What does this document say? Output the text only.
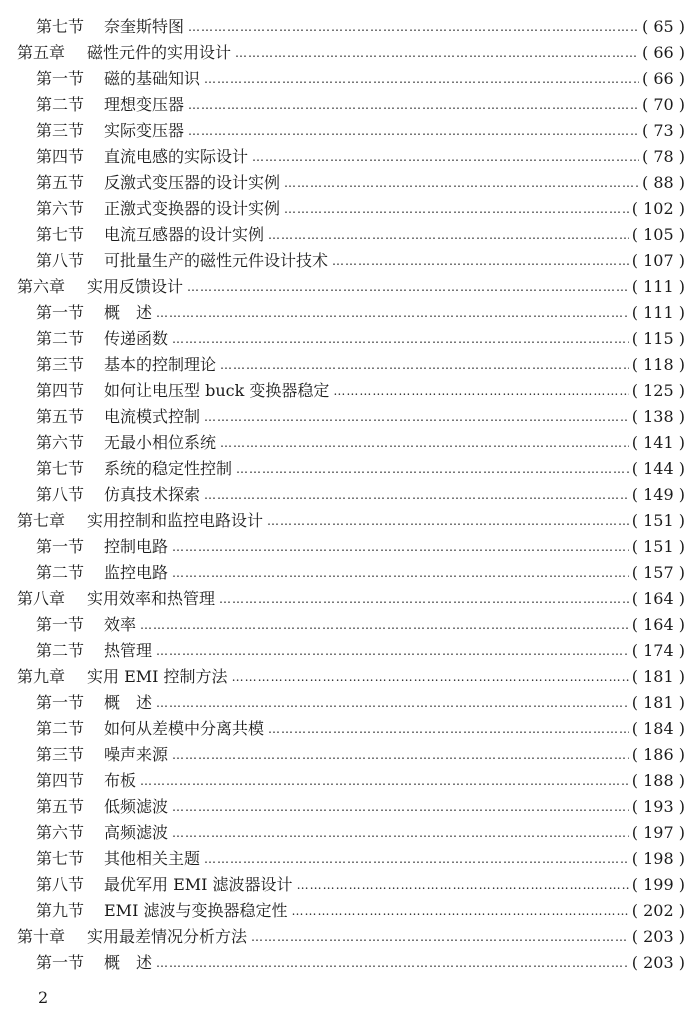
第七节	奈奎斯特图 ………………………………………………………………………………………………………………………………………………………………	( 65 )
第五章	磁性元件的实用设计 ………………………………………………………………………………………………………………………………………………………………	( 66 )
第一节	磁的基础知识 ………………………………………………………………………………………………………………………………………………………………	( 66 )
第二节	理想变压器 ………………………………………………………………………………………………………………………………………………………………	( 70 )
第三节	实际变压器 ………………………………………………………………………………………………………………………………………………………………	( 73 )
第四节	直流电感的实际设计 ………………………………………………………………………………………………………………………………………………………………	( 78 )
第五节	反激式变压器的设计实例 ………………………………………………………………………………………………………………………………………………………………	( 88 )
第六节	正激式变换器的设计实例 ………………………………………………………………………………………………………………………………………………………………	( 102 )
第七节	电流互感器的设计实例 ………………………………………………………………………………………………………………………………………………………………	( 105 )
第八节	可批量生产的磁性元件设计技术 ………………………………………………………………………………………………………………………………………………………………	( 107 )
第六章	实用反馈设计 ………………………………………………………………………………………………………………………………………………………………	( 111 )
第一节	概　述 ………………………………………………………………………………………………………………………………………………………………	( 111 )
第二节	传递函数 ………………………………………………………………………………………………………………………………………………………………	( 115 )
第三节	基本的控制理论 ………………………………………………………………………………………………………………………………………………………………	( 118 )
第四节	如何让电压型 buck 变换器稳定 ………………………………………………………………………………………………………………………………………………………………	( 125 )
第五节	电流模式控制 ………………………………………………………………………………………………………………………………………………………………	( 138 )
第六节	无最小相位系统 ………………………………………………………………………………………………………………………………………………………………	( 141 )
第七节	系统的稳定性控制 ………………………………………………………………………………………………………………………………………………………………	( 144 )
第八节	仿真技术探索 ………………………………………………………………………………………………………………………………………………………………	( 149 )
第七章	实用控制和监控电路设计 ………………………………………………………………………………………………………………………………………………………………	( 151 )
第一节	控制电路 ………………………………………………………………………………………………………………………………………………………………	( 151 )
第二节	监控电路 ………………………………………………………………………………………………………………………………………………………………	( 157 )
第八章	实用效率和热管理 ………………………………………………………………………………………………………………………………………………………………	( 164 )
第一节	效率 ………………………………………………………………………………………………………………………………………………………………	( 164 )
第二节	热管理 ………………………………………………………………………………………………………………………………………………………………	( 174 )
第九章	实用 EMI 控制方法 ………………………………………………………………………………………………………………………………………………………………	( 181 )
第一节	概　述 ………………………………………………………………………………………………………………………………………………………………	( 181 )
第二节	如何从差模中分离共模 ………………………………………………………………………………………………………………………………………………………………	( 184 )
第三节	噪声来源 ………………………………………………………………………………………………………………………………………………………………	( 186 )
第四节	布板 ………………………………………………………………………………………………………………………………………………………………	( 188 )
第五节	低频滤波 ………………………………………………………………………………………………………………………………………………………………	( 193 )
第六节	高频滤波 ………………………………………………………………………………………………………………………………………………………………	( 197 )
第七节	其他相关主题 ………………………………………………………………………………………………………………………………………………………………	( 198 )
第八节	最优军用 EMI 滤波器设计 ………………………………………………………………………………………………………………………………………………………………	( 199 )
第九节	EMI 滤波与变换器稳定性 ………………………………………………………………………………………………………………………………………………………………	( 202 )
第十章	实用最差情况分析方法 ………………………………………………………………………………………………………………………………………………………………	( 203 )
第一节	概　述 ………………………………………………………………………………………………………………………………………………………………	( 203 )
2
